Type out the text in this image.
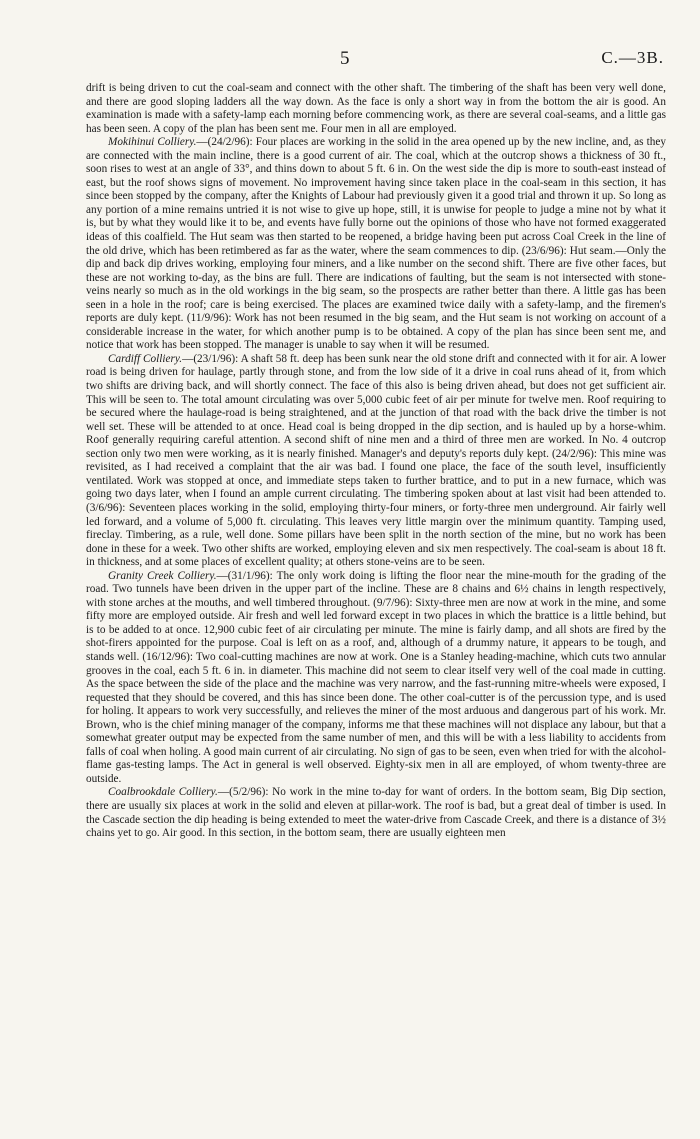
5	C.—3B.

drift is being driven to cut the coal-seam and connect with the other shaft. The timbering of the shaft has been very well done, and there are good sloping ladders all the way down. As the face is only a short way in from the bottom the air is good. An examination is made with a safety-lamp each morning before commencing work, as there are several coal-seams, and a little gas has been seen. A copy of the plan has been sent me. Four men in all are employed.

Mokihinui Colliery.—(24/2/96): Four places are working in the solid in the area opened up by the new incline, and, as they are connected with the main incline, there is a good current of air. The coal, which at the outcrop shows a thickness of 30 ft., soon rises to west at an angle of 33°, and thins down to about 5 ft. 6 in. On the west side the dip is more to south-east instead of east, but the roof shows signs of movement. No improvement having since taken place in the coal-seam in this section, it has since been stopped by the company, after the Knights of Labour had previously given it a good trial and thrown it up. So long as any portion of a mine remains untried it is not wise to give up hope, still, it is unwise for people to judge a mine not by what it is, but by what they would like it to be, and events have fully borne out the opinions of those who have not formed exaggerated ideas of this coalfield. The Hut seam was then started to be reopened, a bridge having been put across Coal Creek in the line of the old drive, which has been retimbered as far as the water, where the seam commences to dip. (23/6/96): Hut seam.—Only the dip and back dip drives working, employing four miners, and a like number on the second shift. There are five other faces, but these are not working to-day, as the bins are full. There are indications of faulting, but the seam is not intersected with stone-veins nearly so much as in the old workings in the big seam, so the prospects are rather better than there. A little gas has been seen in a hole in the roof; care is being exercised. The places are examined twice daily with a safety-lamp, and the firemen's reports are duly kept. (11/9/96): Work has not been resumed in the big seam, and the Hut seam is not working on account of a considerable increase in the water, for which another pump is to be obtained. A copy of the plan has since been sent me, and notice that work has been stopped. The manager is unable to say when it will be resumed.

Cardiff Colliery.—(23/1/96): A shaft 58 ft. deep has been sunk near the old stone drift and connected with it for air. A lower road is being driven for haulage, partly through stone, and from the low side of it a drive in coal runs ahead of it, from which two shifts are driving back, and will shortly connect. The face of this also is being driven ahead, but does not get sufficient air. This will be seen to. The total amount circulating was over 5,000 cubic feet of air per minute for twelve men. Roof requiring to be secured where the haulage-road is being straightened, and at the junction of that road with the back drive the timber is not well set. These will be attended to at once. Head coal is being dropped in the dip section, and is hauled up by a horse-whim. Roof generally requiring careful attention. A second shift of nine men and a third of three men are worked. In No. 4 outcrop section only two men were working, as it is nearly finished. Manager's and deputy's reports duly kept. (24/2/96): This mine was revisited, as I had received a complaint that the air was bad. I found one place, the face of the south level, insufficiently ventilated. Work was stopped at once, and immediate steps taken to further brattice, and to put in a new furnace, which was going two days later, when I found an ample current circulating. The timbering spoken about at last visit had been attended to. (3/6/96): Seventeen places working in the solid, employing thirty-four miners, or forty-three men underground. Air fairly well led forward, and a volume of 5,000 ft. circulating. This leaves very little margin over the minimum quantity. Tamping used, fireclay. Timbering, as a rule, well done. Some pillars have been split in the north section of the mine, but no work has been done in these for a week. Two other shifts are worked, employing eleven and six men respectively. The coal-seam is about 18 ft. in thickness, and at some places of excellent quality; at others stone-veins are to be seen.

Granity Creek Colliery.—(31/1/96): The only work doing is lifting the floor near the mine-mouth for the grading of the road. Two tunnels have been driven in the upper part of the incline. These are 8 chains and 6½ chains in length respectively, with stone arches at the mouths, and well timbered throughout. (9/7/96): Sixty-three men are now at work in the mine, and some fifty more are employed outside. Air fresh and well led forward except in two places in which the brattice is a little behind, but is to be added to at once. 12,900 cubic feet of air circulating per minute. The mine is fairly damp, and all shots are fired by the shot-firers appointed for the purpose. Coal is left on as a roof, and, although of a drummy nature, it appears to be tough, and stands well. (16/12/96): Two coal-cutting machines are now at work. One is a Stanley heading-machine, which cuts two annular grooves in the coal, each 5 ft. 6 in. in diameter. This machine did not seem to clear itself very well of the coal made in cutting. As the space between the side of the place and the machine was very narrow, and the fast-running mitre-wheels were exposed, I requested that they should be covered, and this has since been done. The other coal-cutter is of the percussion type, and is used for holing. It appears to work very successfully, and relieves the miner of the most arduous and dangerous part of his work. Mr. Brown, who is the chief mining manager of the company, informs me that these machines will not displace any labour, but that a somewhat greater output may be expected from the same number of men, and this will be with a less liability to accidents from falls of coal when holing. A good main current of air circulating. No sign of gas to be seen, even when tried for with the alcohol-flame gas-testing lamps. The Act in general is well observed. Eighty-six men in all are employed, of whom twenty-three are outside.

Coalbrookdale Colliery.—(5/2/96): No work in the mine to-day for want of orders. In the bottom seam, Big Dip section, there are usually six places at work in the solid and eleven at pillar-work. The roof is bad, but a great deal of timber is used. In the Cascade section the dip heading is being extended to meet the water-drive from Cascade Creek, and there is a distance of 3½ chains yet to go. Air good. In this section, in the bottom seam, there are usually eighteen men
